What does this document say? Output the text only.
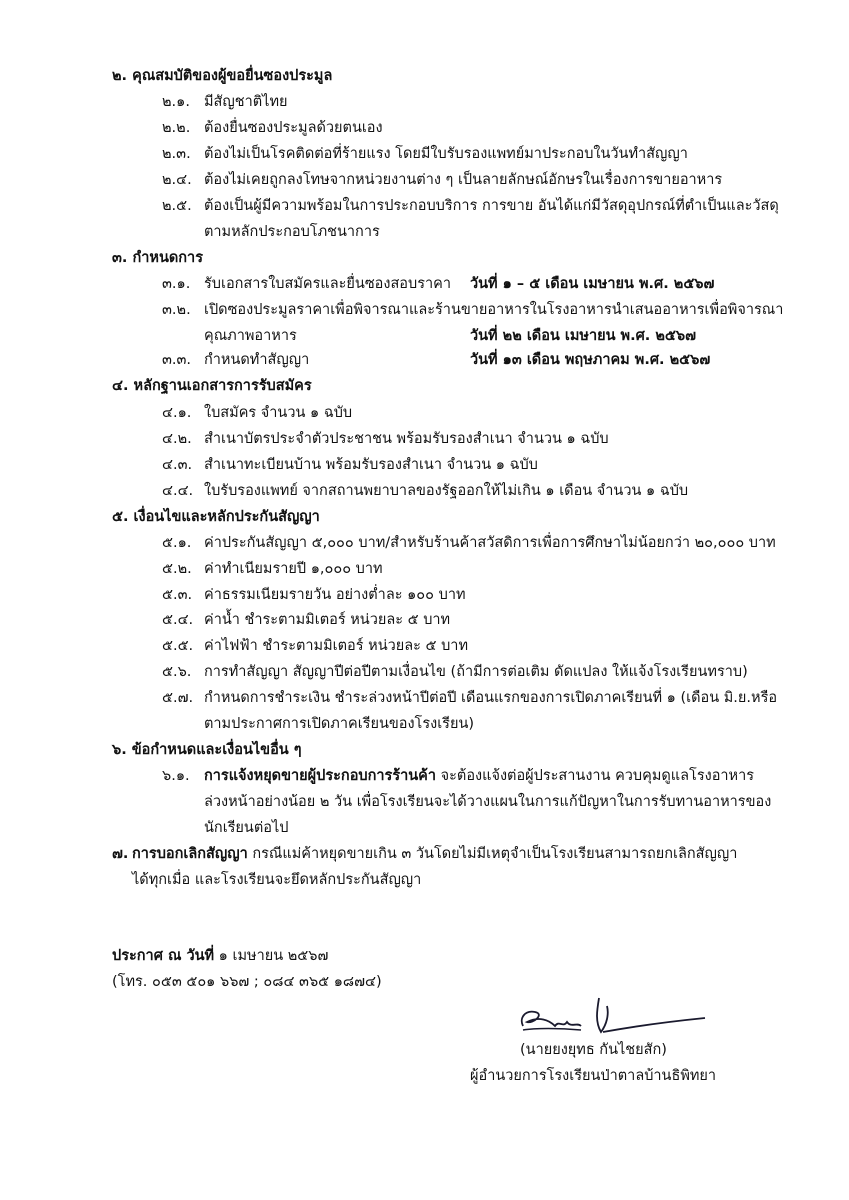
๒. คุณสมบัติของผู้ขอยื่นซองประมูล
๒.๑. มีสัญชาติไทย
๒.๒. ต้องยื่นซองประมูลด้วยตนเอง
๒.๓. ต้องไม่เป็นโรคติดต่อที่ร้ายแรง โดยมีใบรับรองแพทย์มาประกอบในวันทำสัญญา
๒.๔. ต้องไม่เคยถูกลงโทษจากหน่วยงานต่าง ๆ เป็นลายลักษณ์อักษรในเรื่องการขายอาหาร
๒.๕. ต้องเป็นผู้มีความพร้อมในการประกอบบริการ การขาย อันได้แก่มีวัสดุอุปกรณ์ที่ตำเป็นและวัสดุ
ตามหลักประกอบโภชนาการ
๓. กำหนดการ
๓.๑. รับเอกสารใบสมัครและยื่นซองสอบราคา วันที่ ๑ – ๕ เดือน เมษายน พ.ศ. ๒๕๖๗
๓.๒. เปิดซองประมูลราคาเพื่อพิจารณาและร้านขายอาหารในโรงอาหารนำเสนออาหารเพื่อพิจารณา
คุณภาพอาหาร	วันที่ ๒๒ เดือน เมษายน พ.ศ. ๒๕๖๗
๓.๓. กำหนดทำสัญญา	วันที่ ๑๓ เดือน พฤษภาคม พ.ศ. ๒๕๖๗
๔. หลักฐานเอกสารการรับสมัคร
๔.๑. ใบสมัคร จำนวน ๑ ฉบับ
๔.๒. สำเนาบัตรประจำตัวประชาชน พร้อมรับรองสำเนา จำนวน ๑ ฉบับ
๔.๓. สำเนาทะเบียนบ้าน พร้อมรับรองสำเนา จำนวน ๑ ฉบับ
๔.๔. ใบรับรองแพทย์ จากสถานพยาบาลของรัฐออกให้ไม่เกิน ๑ เดือน จำนวน ๑ ฉบับ
๕. เงื่อนไขและหลักประกันสัญญา
๕.๑. ค่าประกันสัญญา ๕,๐๐๐ บาท/สำหรับร้านค้าสวัสดิการเพื่อการศึกษาไม่น้อยกว่า ๒๐,๐๐๐ บาท
๕.๒. ค่าทำเนียมรายปี ๑,๐๐๐ บาท
๕.๓. ค่าธรรมเนียมรายวัน อย่างต่ำละ ๑๐๐ บาท
๕.๔. ค่าน้ำ ชำระตามมิเตอร์ หน่วยละ ๕ บาท
๕.๕. ค่าไฟฟ้า ชำระตามมิเตอร์ หน่วยละ ๕ บาท
๕.๖. การทำสัญญา สัญญาปีต่อปีตามเงื่อนไข (ถ้ามีการต่อเติม ดัดแปลง ให้แจ้งโรงเรียนทราบ)
๕.๗. กำหนดการชำระเงิน ชำระล่วงหน้าปีต่อปี เดือนแรกของการเปิดภาคเรียนที่ ๑ (เดือน มิ.ย.หรือ
ตามประกาศการเปิดภาคเรียนของโรงเรียน)
๖. ข้อกำหนดและเงื่อนไขอื่น ๆ
๖.๑. การแจ้งหยุดขายผู้ประกอบการร้านค้า จะต้องแจ้งต่อผู้ประสานงาน ควบคุมดูแลโรงอาหาร
ล่วงหน้าอย่างน้อย ๒ วัน เพื่อโรงเรียนจะได้วางแผนในการแก้ปัญหาในการรับทานอาหารของ
นักเรียนต่อไป
๗. การบอกเลิกสัญญา กรณีแม่ค้าหยุดขายเกิน ๓ วันโดยไม่มีเหตุจำเป็นโรงเรียนสามารถยกเลิกสัญญา
ได้ทุกเมื่อ และโรงเรียนจะยึดหลักประกันสัญญา
ประกาศ ณ วันที่ ๑ เมษายน ๒๕๖๗
(โทร. ๐๕๓ ๕๐๑ ๖๖๗ ; ๐๘๔ ๓๖๕ ๑๘๗๔)
(นายยงยุทธ กันไชยสัก)
ผู้อำนวยการโรงเรียนป่าตาลบ้านธิพิทยา
